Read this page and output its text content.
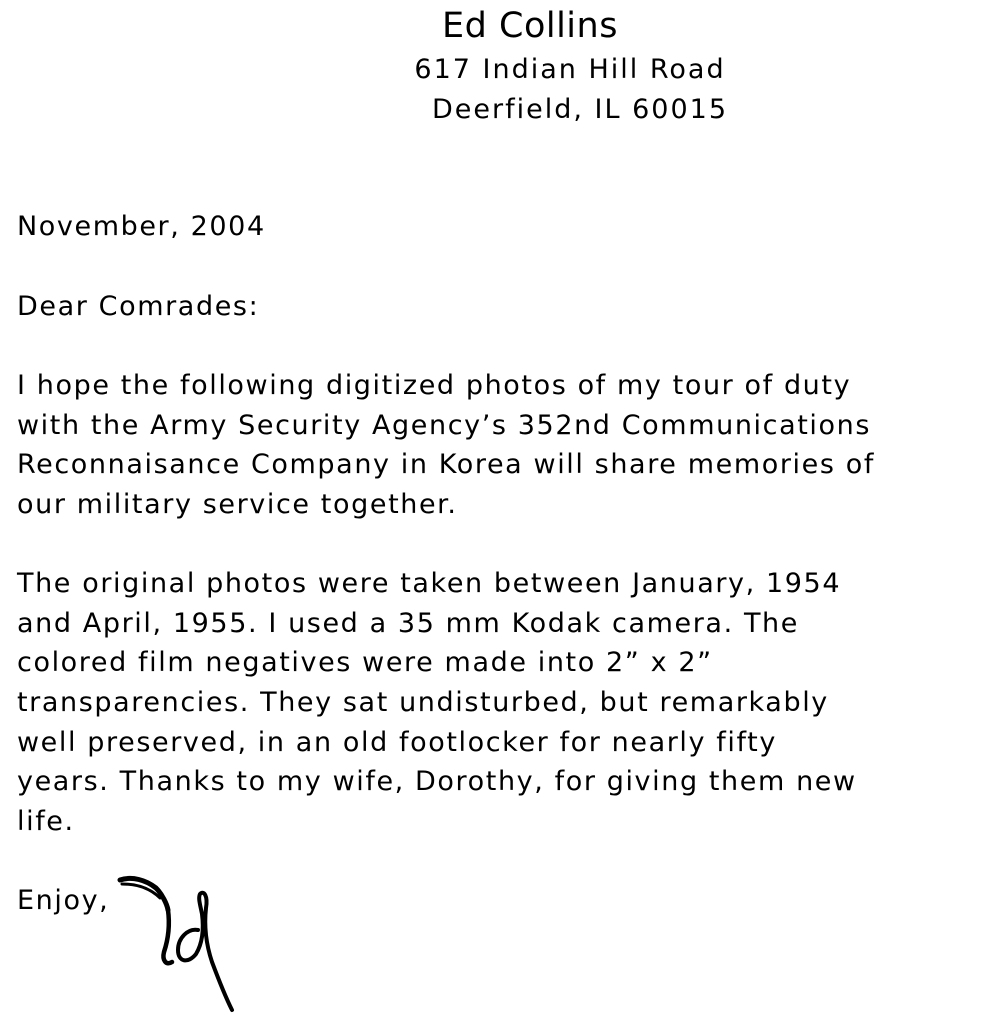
Ed Collins
617 Indian Hill Road
Deerfield, IL 60015
November, 2004
Dear Comrades:
I hope the following digitized photos of my tour of duty
with the Army Security Agency’s 352nd Communications
Reconnaisance Company in Korea will share memories of
our military service together.
The original photos were taken between January, 1954
and April, 1955. I used a 35 mm Kodak camera. The
colored film negatives were made into 2” x 2”
transparencies. They sat undisturbed, but remarkably
well preserved, in an old footlocker for nearly fifty
years. Thanks to my wife, Dorothy, for giving them new
life.
Enjoy,
